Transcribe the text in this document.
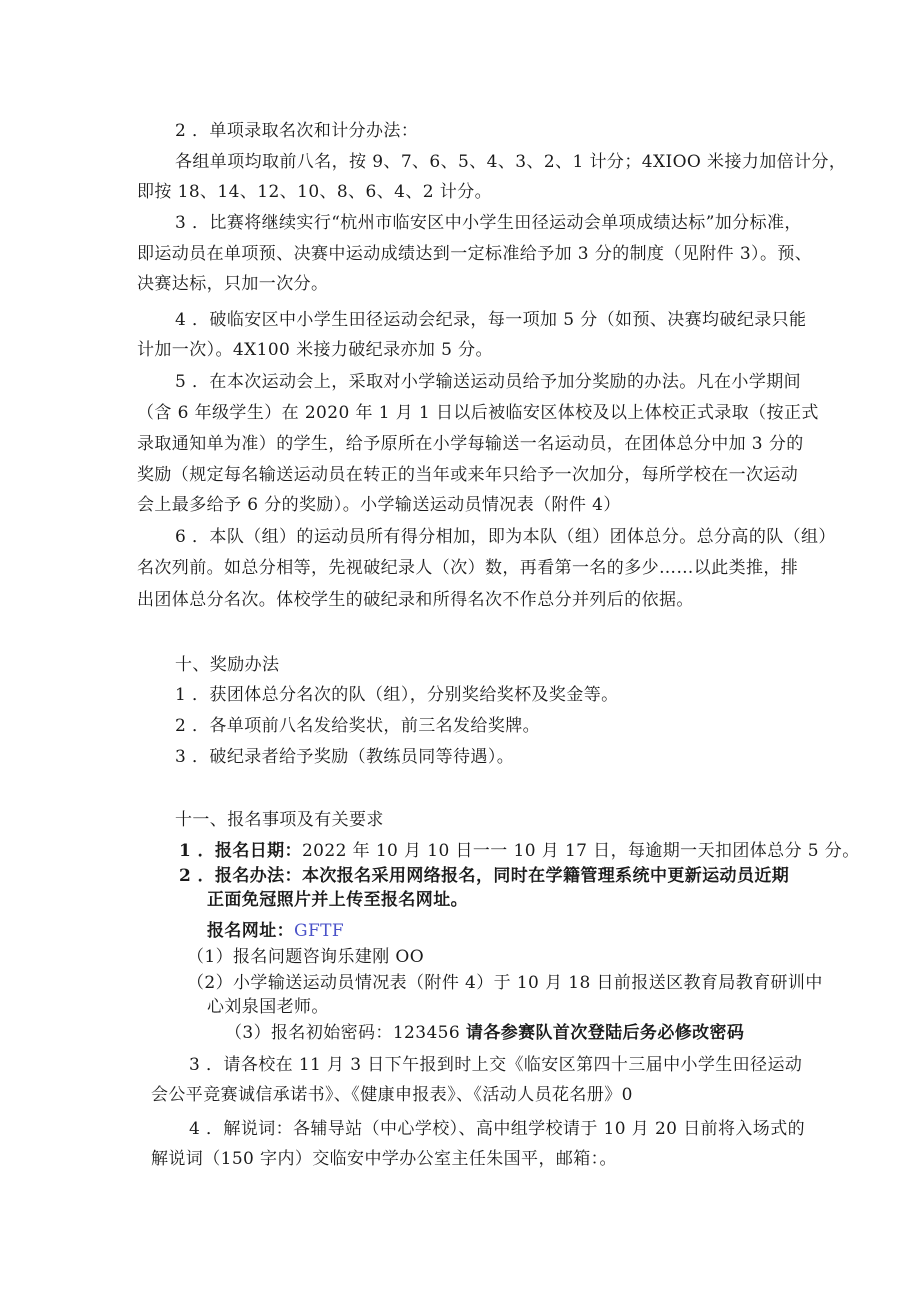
2 ．单项录取名次和计分办法：
各组单项均取前八名，按 9、7、6、5、4、3、2、1 计分；4XIOO 米接力加倍计分，
即按 18、14、12、10、8、6、4、2 计分。
3 ．比赛将继续实行“杭州市临安区中小学生田径运动会单项成绩达标”加分标准，
即运动员在单项预、决赛中运动成绩达到一定标准给予加 3 分的制度（见附件 3）。预、
决赛达标，只加一次分。
4 ．破临安区中小学生田径运动会纪录，每一项加 5 分（如预、决赛均破纪录只能
计加一次）。4X100 米接力破纪录亦加 5 分。
5 ．在本次运动会上，采取对小学输送运动员给予加分奖励的办法。凡在小学期间
（含 6 年级学生）在 2020 年 1 月 1 日以后被临安区体校及以上体校正式录取（按正式
录取通知单为准）的学生，给予原所在小学每输送一名运动员，在团体总分中加 3 分的
奖励（规定每名输送运动员在转正的当年或来年只给予一次加分，每所学校在一次运动
会上最多给予 6 分的奖励）。小学输送运动员情况表（附件 4）
6 ．本队（组）的运动员所有得分相加，即为本队（组）团体总分。总分高的队（组）
名次列前。如总分相等，先视破纪录人（次）数，再看第一名的多少……以此类推，排
出团体总分名次。体校学生的破纪录和所得名次不作总分并列后的依据。
十、奖励办法
1 ．获团体总分名次的队（组），分别奖给奖杯及奖金等。
2 ．各单项前八名发给奖状，前三名发给奖牌。
3 ．破纪录者给予奖励（教练员同等待遇）。
十一、报名事项及有关要求
1 ．报名日期：2022 年 10 月 10 日一一 10 月 17 日，每逾期一天扣团体总分 5 分。
2 ．报名办法：本次报名采用网络报名，同时在学籍管理系统中更新运动员近期
正面免冠照片并上传至报名网址。
报名网址：GFTF
（1）报名问题咨询乐建刚 OO
（2）小学输送运动员情况表（附件 4）于 10 月 18 日前报送区教育局教育研训中
心刘泉国老师。
（3）报名初始密码：123456 请各参赛队首次登陆后务必修改密码
3 ．请各校在 11 月 3 日下午报到时上交《临安区第四十三届中小学生田径运动
会公平竞赛诚信承诺书》、《健康申报表》、《活动人员花名册》0
4 ．解说词：各辅导站（中心学校）、高中组学校请于 10 月 20 日前将入场式的
解说词（150 字内）交临安中学办公室主任朱国平，邮箱：。
